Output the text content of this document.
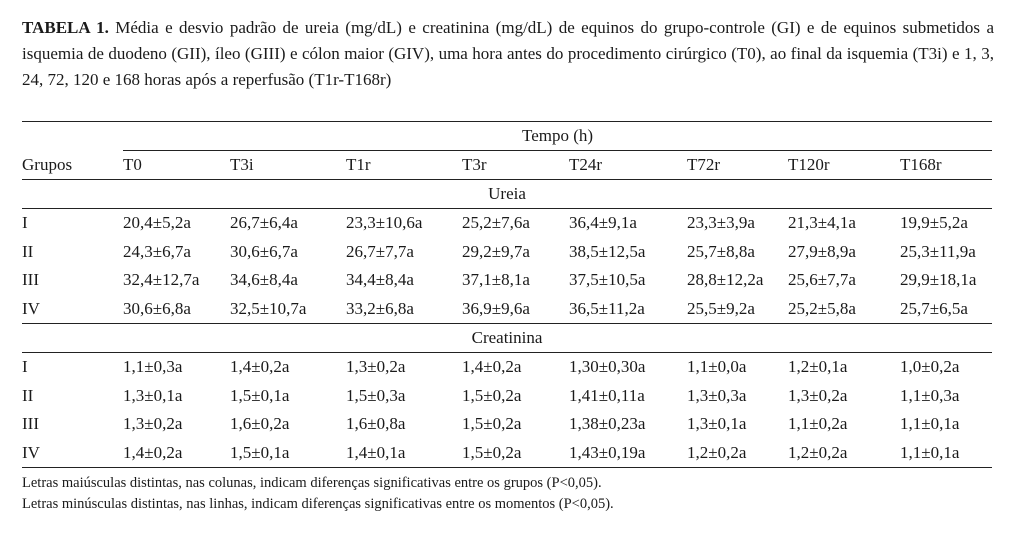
TABELA 1. Média e desvio padrão de ureia (mg/dL) e creatinina (mg/dL) de equinos do grupo-controle (GI) e de equinos submetidos a isquemia de duodeno (GII), íleo (GIII) e cólon maior (GIV), uma hora antes do procedimento cirúrgico (T0), ao final da isquemia (T3i) e 1, 3, 24, 72, 120 e 168 horas após a reperfusão (T1r-T168r)
	Tempo (h)							
Grupos	T0	T3i	T1r	T3r	T24r	T72r	T120r	T168r
Ureia								
I	20,4±5,2a	26,7±6,4a	23,3±10,6a	25,2±7,6a	36,4±9,1a	23,3±3,9a	21,3±4,1a	19,9±5,2a
II	24,3±6,7a	30,6±6,7a	26,7±7,7a	29,2±9,7a	38,5±12,5a	25,7±8,8a	27,9±8,9a	25,3±11,9a
III	32,4±12,7a	34,6±8,4a	34,4±8,4a	37,1±8,1a	37,5±10,5a	28,8±12,2a	25,6±7,7a	29,9±18,1a
IV	30,6±6,8a	32,5±10,7a	33,2±6,8a	36,9±9,6a	36,5±11,2a	25,5±9,2a	25,2±5,8a	25,7±6,5a
Creatinina								
I	1,1±0,3a	1,4±0,2a	1,3±0,2a	1,4±0,2a	1,30±0,30a	1,1±0,0a	1,2±0,1a	1,0±0,2a
II	1,3±0,1a	1,5±0,1a	1,5±0,3a	1,5±0,2a	1,41±0,11a	1,3±0,3a	1,3±0,2a	1,1±0,3a
III	1,3±0,2a	1,6±0,2a	1,6±0,8a	1,5±0,2a	1,38±0,23a	1,3±0,1a	1,1±0,2a	1,1±0,1a
IV	1,4±0,2a	1,5±0,1a	1,4±0,1a	1,5±0,2a	1,43±0,19a	1,2±0,2a	1,2±0,2a	1,1±0,1a
Letras maiúsculas distintas, nas colunas, indicam diferenças significativas entre os grupos (P<0,05).
Letras minúsculas distintas, nas linhas, indicam diferenças significativas entre os momentos (P<0,05).
